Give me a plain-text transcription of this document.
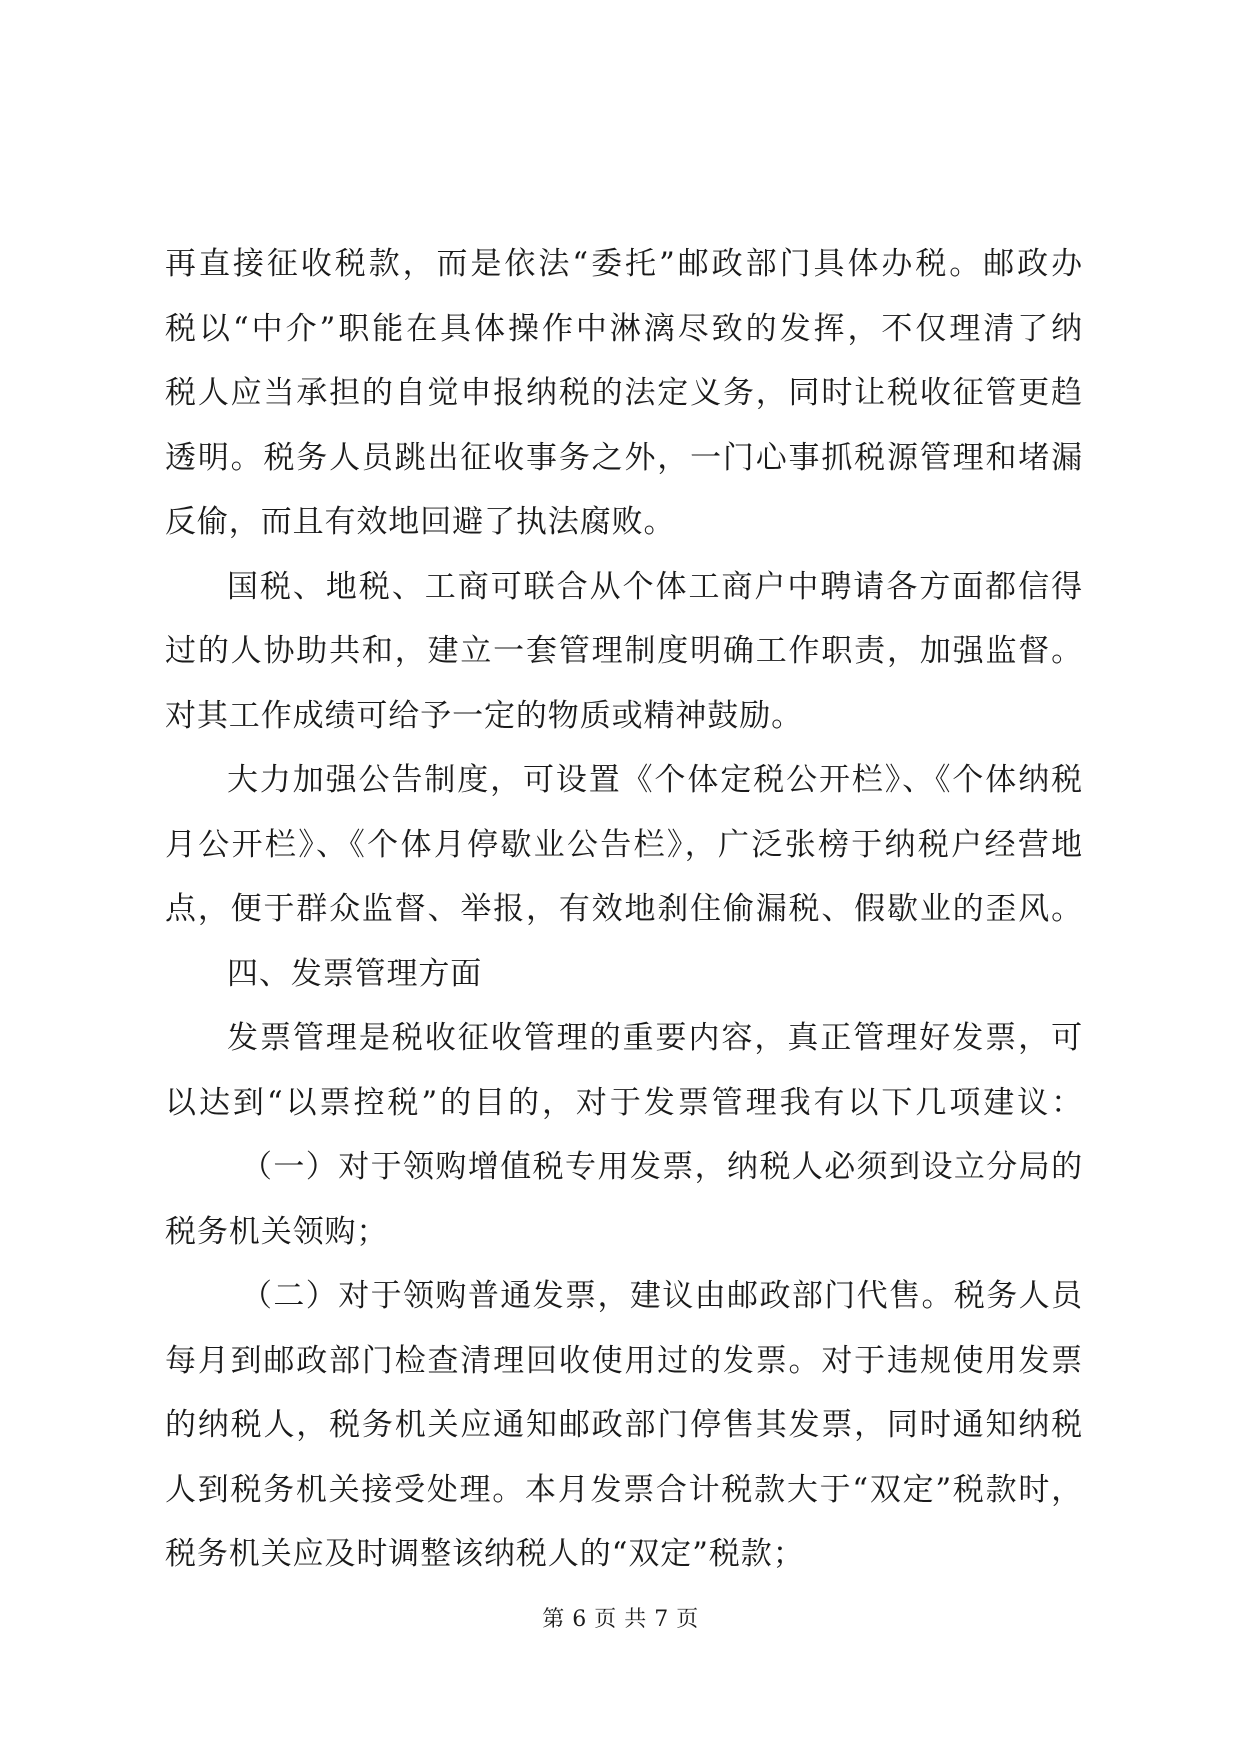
再直接征收税款，而是依法“委托”邮政部门具体办税。邮政办
税以“中介”职能在具体操作中淋漓尽致的发挥，不仅理清了纳
税人应当承担的自觉申报纳税的法定义务，同时让税收征管更趋
透明。税务人员跳出征收事务之外，一门心事抓税源管理和堵漏
反偷，而且有效地回避了执法腐败。
国税、地税、工商可联合从个体工商户中聘请各方面都信得
过的人协助共和，建立一套管理制度明确工作职责，加强监督。
对其工作成绩可给予一定的物质或精神鼓励。
大力加强公告制度，可设置《个体定税公开栏》、《个体纳税
月公开栏》、《个体月停歇业公告栏》，广泛张榜于纳税户经营地
点，便于群众监督、举报，有效地刹住偷漏税、假歇业的歪风。
四、发票管理方面
发票管理是税收征收管理的重要内容，真正管理好发票，可
以达到“以票控税”的目的，对于发票管理我有以下几项建议：
（一）对于领购增值税专用发票，纳税人必须到设立分局的
税务机关领购；
（二）对于领购普通发票，建议由邮政部门代售。税务人员
每月到邮政部门检查清理回收使用过的发票。对于违规使用发票
的纳税人，税务机关应通知邮政部门停售其发票，同时通知纳税
人到税务机关接受处理。本月发票合计税款大于“双定”税款时，
税务机关应及时调整该纳税人的“双定”税款；
第 6 页 共 7 页
